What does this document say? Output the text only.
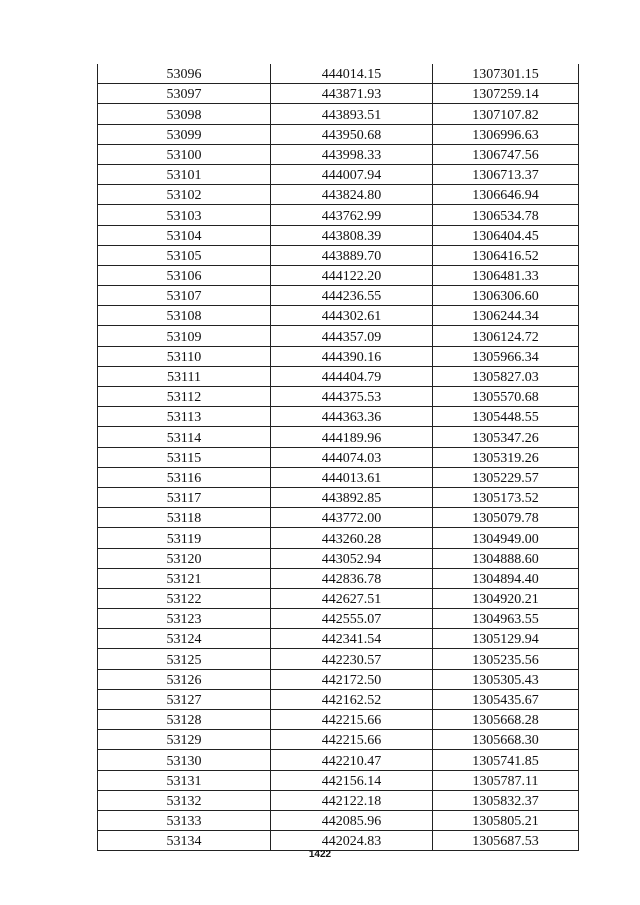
53096	444014.15	1307301.15
53097	443871.93	1307259.14
53098	443893.51	1307107.82
53099	443950.68	1306996.63
53100	443998.33	1306747.56
53101	444007.94	1306713.37
53102	443824.80	1306646.94
53103	443762.99	1306534.78
53104	443808.39	1306404.45
53105	443889.70	1306416.52
53106	444122.20	1306481.33
53107	444236.55	1306306.60
53108	444302.61	1306244.34
53109	444357.09	1306124.72
53110	444390.16	1305966.34
53111	444404.79	1305827.03
53112	444375.53	1305570.68
53113	444363.36	1305448.55
53114	444189.96	1305347.26
53115	444074.03	1305319.26
53116	444013.61	1305229.57
53117	443892.85	1305173.52
53118	443772.00	1305079.78
53119	443260.28	1304949.00
53120	443052.94	1304888.60
53121	442836.78	1304894.40
53122	442627.51	1304920.21
53123	442555.07	1304963.55
53124	442341.54	1305129.94
53125	442230.57	1305235.56
53126	442172.50	1305305.43
53127	442162.52	1305435.67
53128	442215.66	1305668.28
53129	442215.66	1305668.30
53130	442210.47	1305741.85
53131	442156.14	1305787.11
53132	442122.18	1305832.37
53133	442085.96	1305805.21
53134	442024.83	1305687.53
1422
